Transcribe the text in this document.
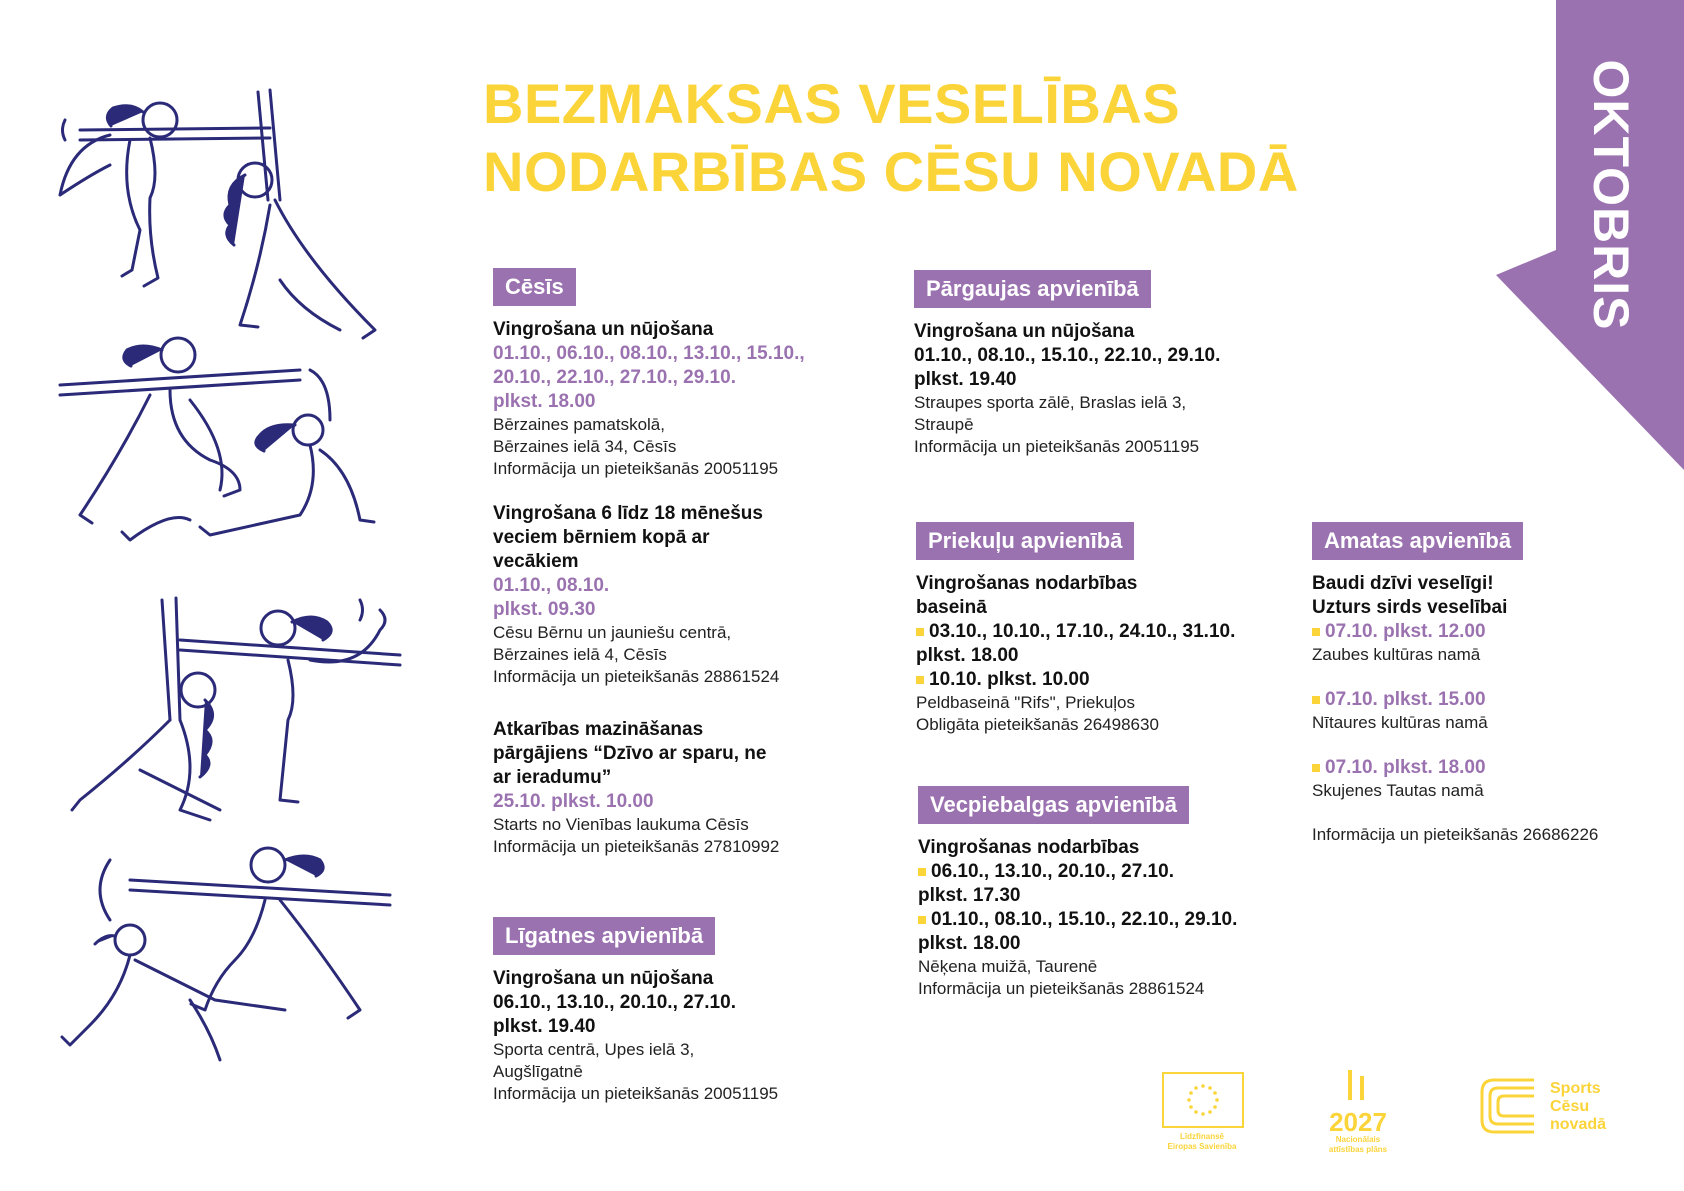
BEZMAKSAS VESELĪBAS
NODARBĪBAS CĒSU NOVADĀ	OKTOBRIS
Cēsīs
Vingrošana un nūjošana
01.10., 06.10., 08.10., 13.10., 15.10.,
20.10., 22.10., 27.10., 29.10.
plkst. 18.00
Bērzaines pamatskolā,
Bērzaines ielā 34, Cēsīs
Informācija un pieteikšanās 20051195
Vingrošana 6 līdz 18 mēnešus
veciem bērniem kopā ar
vecākiem
01.10., 08.10.
plkst. 09.30
Cēsu Bērnu un jauniešu centrā,
Bērzaines ielā 4, Cēsīs
Informācija un pieteikšanās 28861524
Atkarības mazināšanas
pārgājiens “Dzīvo ar sparu, ne
ar ieradumu”
25.10. plkst. 10.00
Starts no Vienības laukuma Cēsīs
Informācija un pieteikšanās 27810992
Līgatnes apvienībā
Vingrošana un nūjošana
06.10., 13.10., 20.10., 27.10.
plkst. 19.40
Sporta centrā, Upes ielā 3,
Augšlīgatnē
Informācija un pieteikšanās 20051195
Pārgaujas apvienībā
Vingrošana un nūjošana
01.10., 08.10., 15.10., 22.10., 29.10.
plkst. 19.40
Straupes sporta zālē, Braslas ielā 3,
Straupē
Informācija un pieteikšanās 20051195
Priekuļu apvienībā
Vingrošanas nodarbības
baseinā
03.10., 10.10., 17.10., 24.10., 31.10.
plkst. 18.00
10.10. plkst. 10.00
Peldbaseinā "Rifs", Priekuļos
Obligāta pieteikšanās 26498630
Vecpiebalgas apvienībā
Vingrošanas nodarbības
06.10., 13.10., 20.10., 27.10.
plkst. 17.30
01.10., 08.10., 15.10., 22.10., 29.10.
plkst. 18.00
Nēķena muižā, Taurenē
Informācija un pieteikšanās 28861524
Amatas apvienībā
Baudi dzīvi veselīgi!
Uzturs sirds veselībai
07.10. plkst. 12.00
Zaubes kultūras namā
07.10. plkst. 15.00
Nītaures kultūras namā
07.10. plkst. 18.00
Skujenes Tautas namā
Informācija un pieteikšanās 26686226
Līdzfinansē
Eiropas Savienība
2027
Nacionālais
attīstības plāns
Sports
Cēsu
novadā
